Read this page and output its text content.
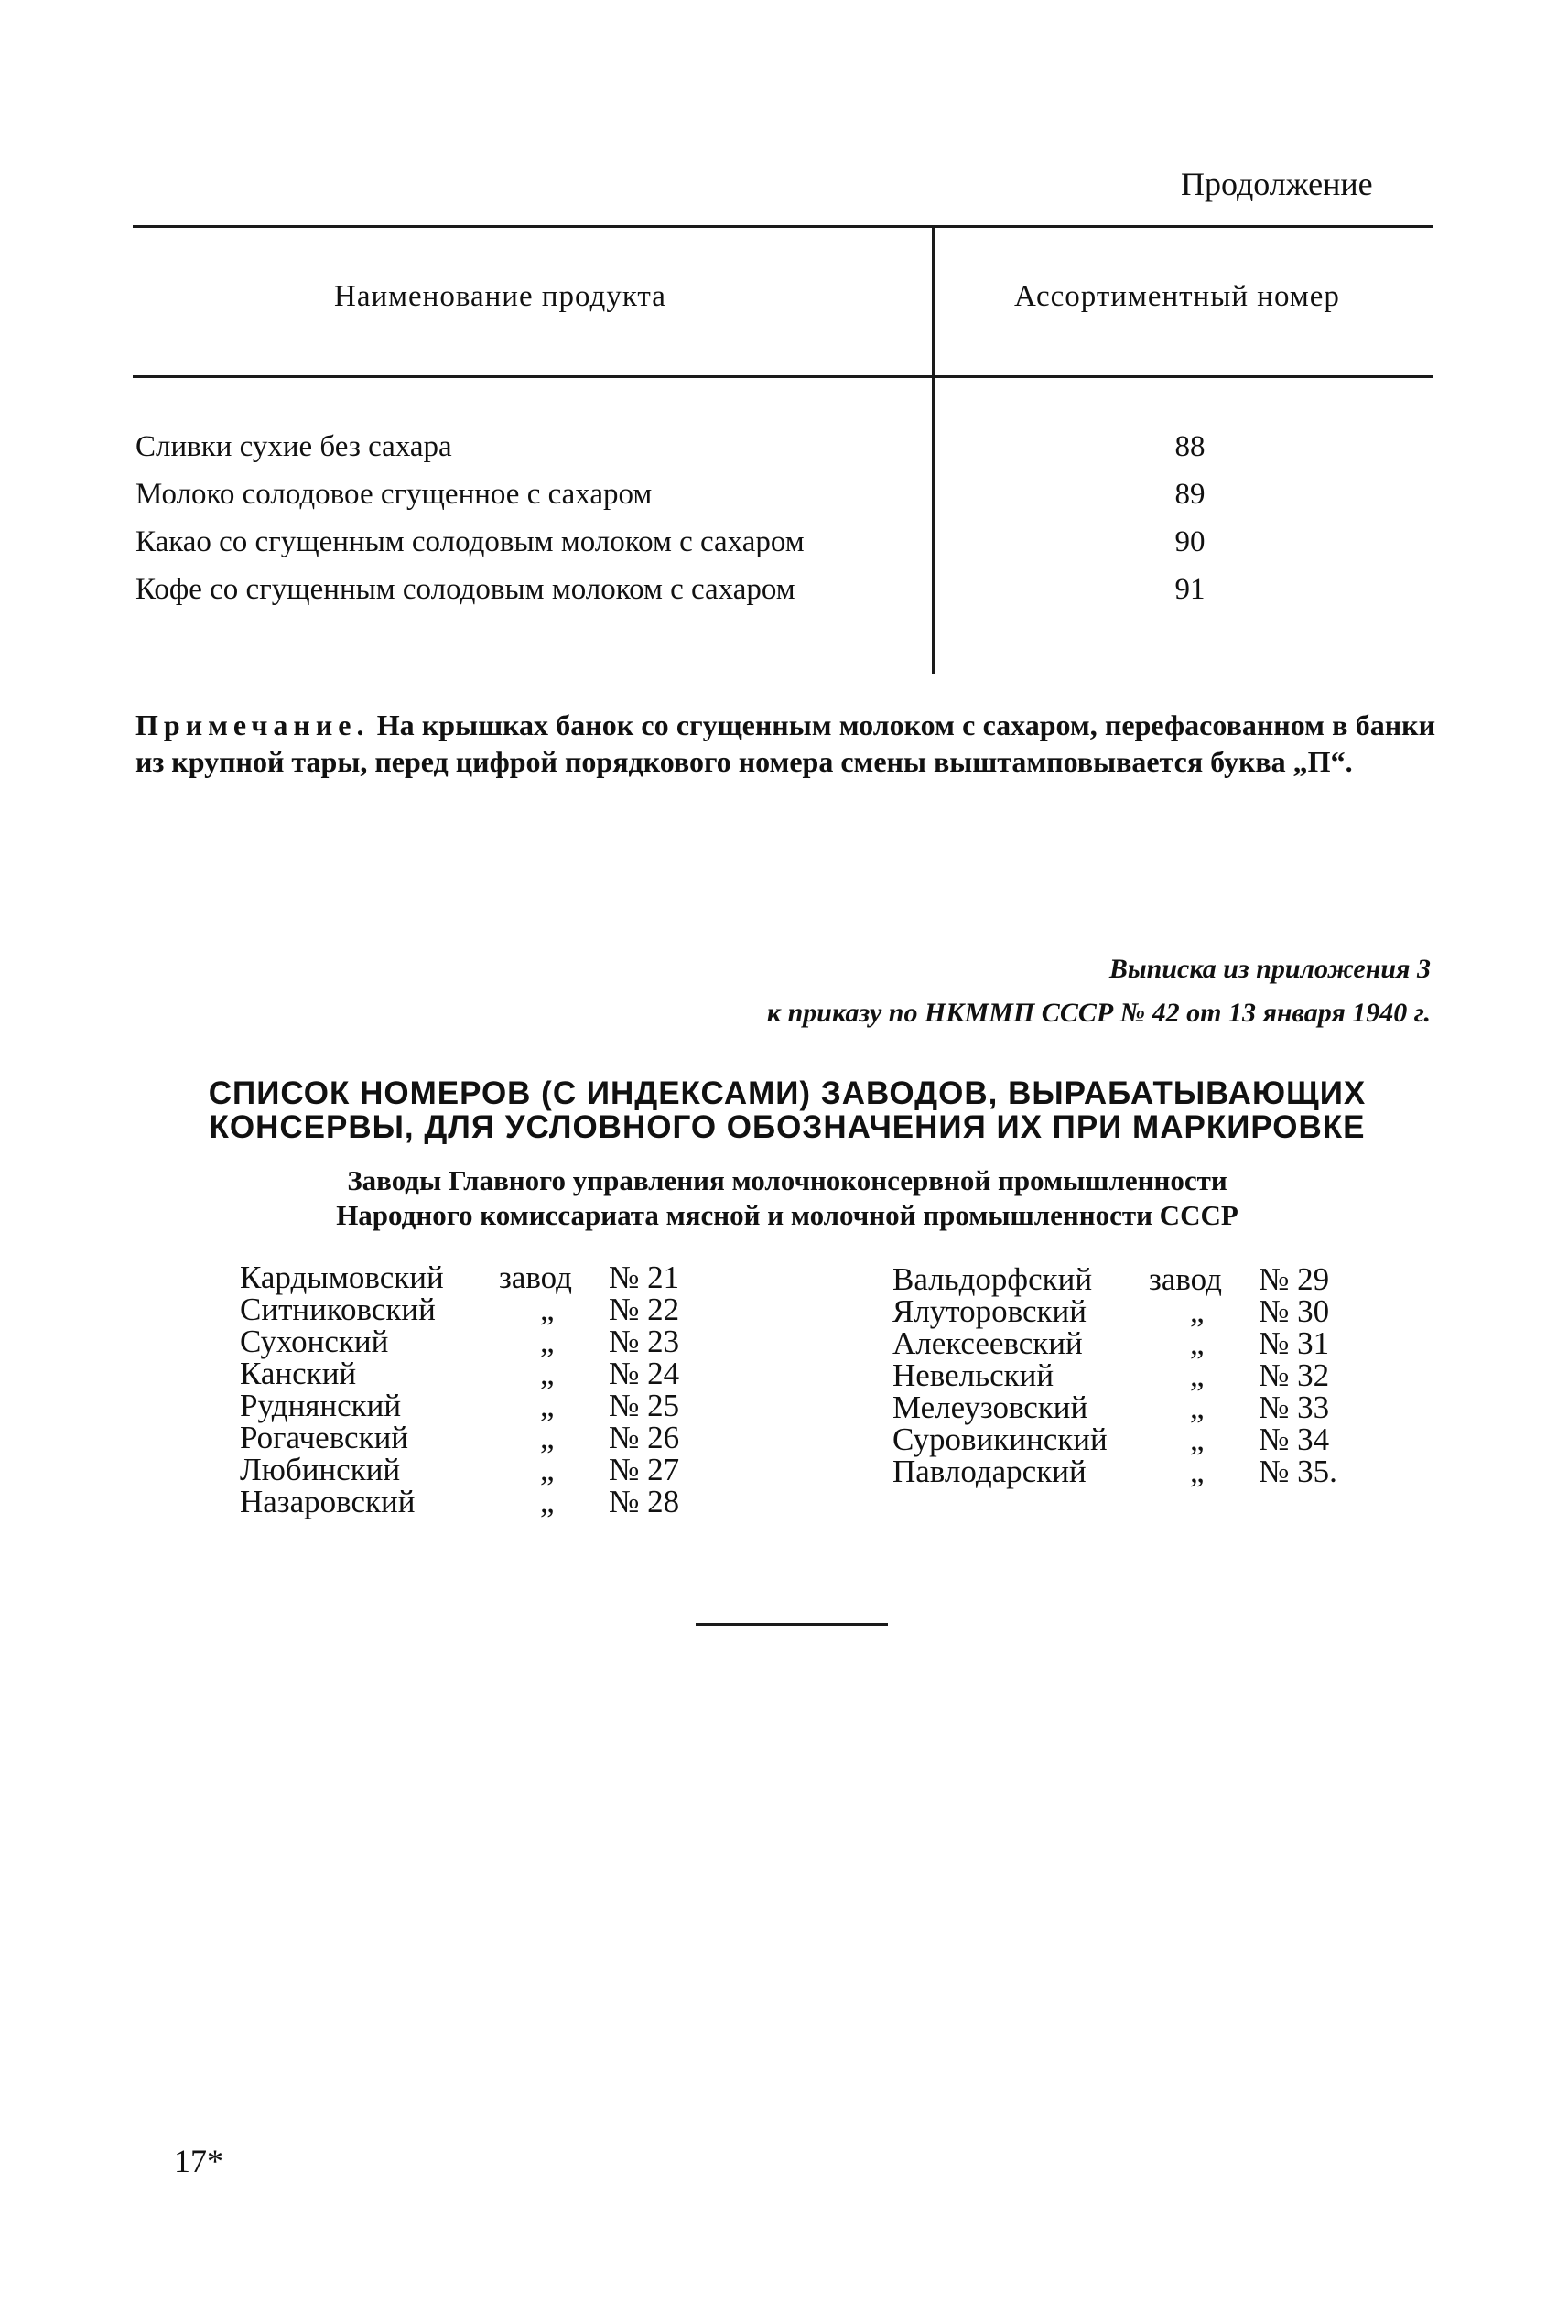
Продолжение
Наименование продукта	Ассортиментный номер
Сливки сухие без сахара	88
Молоко солодовое сгущенное с сахаром	89
Какао со сгущенным солодовым молоком с сахаром	90
Кофе со сгущенным солодовым молоком с сахаром	91
Примечание. На крышках банок со сгущенным молоком с сахаром, перефасованном в банки из крупной тары, перед цифрой порядкового номера смены выштамповывается буква „П“.
Выписка из приложения 3
к приказу по НКММП СССР № 42 от 13 января 1940 г.
СПИСОК НОМЕРОВ (С ИНДЕКСАМИ) ЗАВОДОВ, ВЫРАБАТЫВАЮЩИХ
КОНСЕРВЫ, ДЛЯ УСЛОВНОГО ОБОЗНАЧЕНИЯ ИХ ПРИ МАРКИРОВКЕ
Заводы Главного управления молочноконсервной промышленности
Народного комиссариата мясной и молочной промышленности СССР
Кардымовский завод № 21
Ситниковский	„ № 22
Сухонский	„ № 23
Канский	„ № 24
Руднянский	„ № 25
Рогачевский	„ № 26
Любинский	„ № 27
Назаровский	„ № 28
Вальдорфский завод № 29
Ялуторовский	„ № 30
Алексеевский	„ № 31
Невельский	„ № 32
Мелеузовский	„ № 33
Суровикинский	„ № 34
Павлодарский	„ № 35.
17*
